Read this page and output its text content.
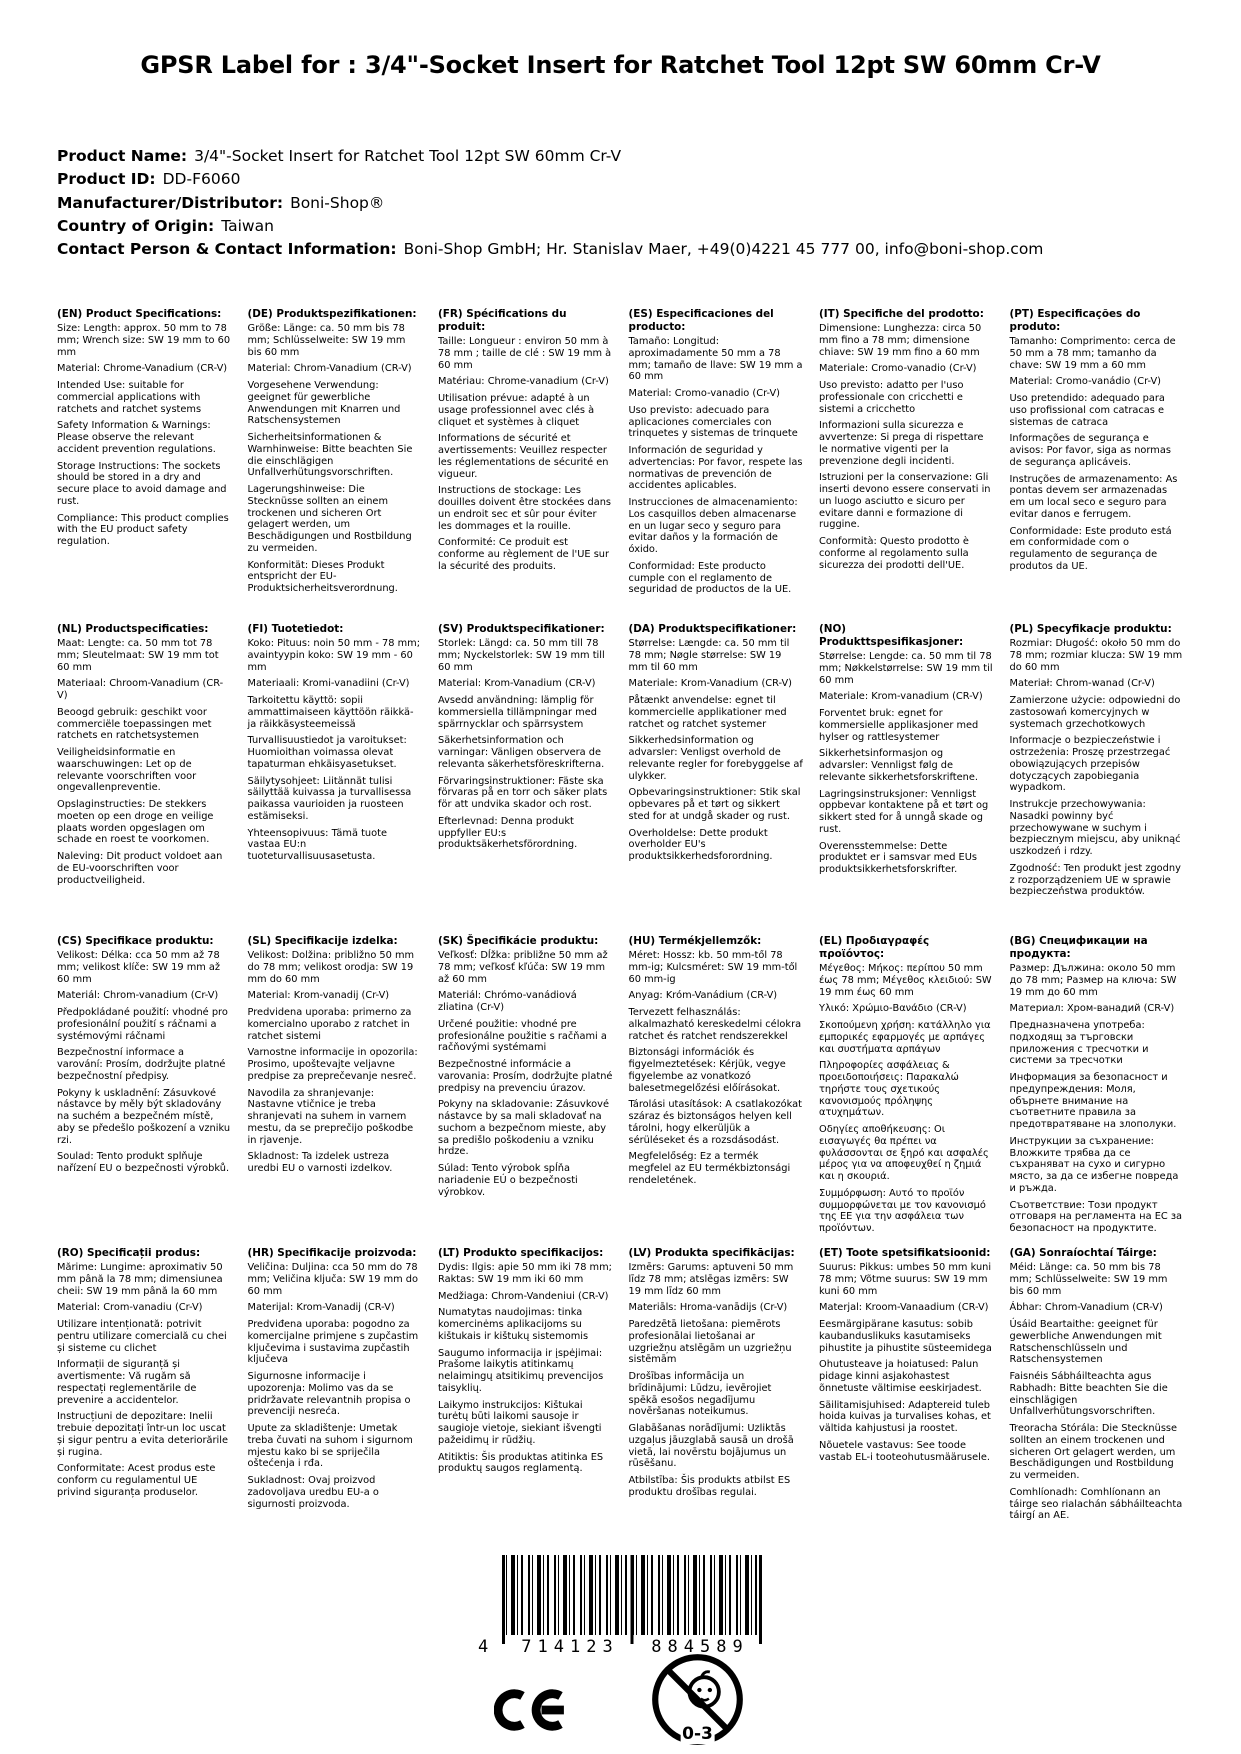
GPSR Label for : 3/4"-Socket Insert for Ratchet Tool 12pt SW 60mm Cr-V
Product Name: 3/4"-Socket Insert for Ratchet Tool 12pt SW 60mm Cr-V
Product ID: DD-F6060
Manufacturer/Distributor: Boni-Shop®
Country of Origin: Taiwan
Contact Person & Contact Information: Boni-Shop GmbH; Hr. Stanislav Maer, +49(0)4221 45 777 00, info@boni-shop.com
(EN) Product Specifications:

Size: Length: approx. 50 mm to 78 mm; Wrench size: SW 19 mm to 60 mm

Material: Chrome-Vanadium (CR-V)

Intended Use: suitable for commercial applications with ratchets and ratchet systems

Safety Information & Warnings: Please observe the relevant accident prevention regulations.

Storage Instructions: The sockets should be stored in a dry and secure place to avoid damage and rust.

Compliance: This product complies with the EU product safety regulation.

(DE) Produktspezifikationen:

Größe: Länge: ca. 50 mm bis 78 mm; Schlüsselweite: SW 19 mm bis 60 mm

Material: Chrom-Vanadium (CR-V)

Vorgesehene Verwendung: geeignet für gewerbliche Anwendungen mit Knarren und Ratschensystemen

Sicherheitsinformationen & Warnhinweise: Bitte beachten Sie die einschlägigen Unfallverhütungsvorschriften.

Lagerungshinweise: Die Stecknüsse sollten an einem trockenen und sicheren Ort gelagert werden, um Beschädigungen und Rostbildung zu vermeiden.

Konformität: Dieses Produkt entspricht der EU-Produktsicherheitsverordnung.

(FR) Spécifications du produit:

Taille: Longueur : environ 50 mm à 78 mm ; taille de clé : SW 19 mm à 60 mm

Matériau: Chrome-vanadium (Cr-V)

Utilisation prévue: adapté à un usage professionnel avec clés à cliquet et systèmes à cliquet

Informations de sécurité et avertissements: Veuillez respecter les réglementations de sécurité en vigueur.

Instructions de stockage: Les douilles doivent être stockées dans un endroit sec et sûr pour éviter les dommages et la rouille.

Conformité: Ce produit est conforme au règlement de l'UE sur la sécurité des produits.

(ES) Especificaciones del producto:

Tamaño: Longitud: aproximadamente 50 mm a 78 mm; tamaño de llave: SW 19 mm a 60 mm

Material: Cromo-vanadio (Cr-V)

Uso previsto: adecuado para aplicaciones comerciales con trinquetes y sistemas de trinquete

Información de seguridad y advertencias: Por favor, respete las normativas de prevención de accidentes aplicables.

Instrucciones de almacenamiento: Los casquillos deben almacenarse en un lugar seco y seguro para evitar daños y la formación de óxido.

Conformidad: Este producto cumple con el reglamento de seguridad de productos de la UE.

(IT) Specifiche del prodotto:

Dimensione: Lunghezza: circa 50 mm fino a 78 mm; dimensione chiave: SW 19 mm fino a 60 mm

Materiale: Cromo-vanadio (Cr-V)

Uso previsto: adatto per l'uso professionale con cricchetti e sistemi a cricchetto

Informazioni sulla sicurezza e avvertenze: Si prega di rispettare le normative vigenti per la prevenzione degli incidenti.

Istruzioni per la conservazione: Gli inserti devono essere conservati in un luogo asciutto e sicuro per evitare danni e formazione di ruggine.

Conformità: Questo prodotto è conforme al regolamento sulla sicurezza dei prodotti dell'UE.

(PT) Especificações do produto:

Tamanho: Comprimento: cerca de 50 mm a 78 mm; tamanho da chave: SW 19 mm a 60 mm

Material: Cromo-vanádio (Cr-V)

Uso pretendido: adequado para uso profissional com catracas e sistemas de catraca

Informações de segurança e avisos: Por favor, siga as normas de segurança aplicáveis.

Instruções de armazenamento: As pontas devem ser armazenadas em um local seco e seguro para evitar danos e ferrugem.

Conformidade: Este produto está em conformidade com o regulamento de segurança de produtos da UE.

(NL) Productspecificaties:

Maat: Lengte: ca. 50 mm tot 78 mm; Sleutelmaat: SW 19 mm tot 60 mm

Materiaal: Chroom-Vanadium (CR-V)

Beoogd gebruik: geschikt voor commerciële toepassingen met ratchets en ratchetsystemen

Veiligheidsinformatie en waarschuwingen: Let op de relevante voorschriften voor ongevallenpreventie.

Opslaginstructies: De stekkers moeten op een droge en veilige plaats worden opgeslagen om schade en roest te voorkomen.

Naleving: Dit product voldoet aan de EU-voorschriften voor productveiligheid.

(FI) Tuotetiedot:

Koko: Pituus: noin 50 mm - 78 mm; avaintyypin koko: SW 19 mm - 60 mm

Materiaali: Kromi-vanadiini (Cr-V)

Tarkoitettu käyttö: sopii ammattimaiseen käyttöön räikkä- ja räikkäsysteemeissä

Turvallisuustiedot ja varoitukset: Huomioithan voimassa olevat tapaturman ehkäisyasetukset.

Säilytysohjeet: Liitännät tulisi säilyttää kuivassa ja turvallisessa paikassa vaurioiden ja ruosteen estämiseksi.

Yhteensopivuus: Tämä tuote vastaa EU:n tuoteturvallisuusasetusta.

(SV) Produktspecifikationer:

Storlek: Längd: ca. 50 mm till 78 mm; Nyckelstorlek: SW 19 mm till 60 mm

Material: Krom-Vanadium (CR-V)

Avsedd användning: lämplig för kommersiella tillämpningar med spärrnycklar och spärrsystem

Säkerhetsinformation och varningar: Vänligen observera de relevanta säkerhetsföreskrifterna.

Förvaringsinstruktioner: Fäste ska förvaras på en torr och säker plats för att undvika skador och rost.

Efterlevnad: Denna produkt uppfyller EU:s produktsäkerhetsförordning.

(DA) Produktspecifikationer:

Størrelse: Længde: ca. 50 mm til 78 mm; Nøgle størrelse: SW 19 mm til 60 mm

Materiale: Krom-Vanadium (CR-V)

Påtænkt anvendelse: egnet til kommercielle applikationer med ratchet og ratchet systemer

Sikkerhedsinformation og advarsler: Venligst overhold de relevante regler for forebyggelse af ulykker.

Opbevaringsinstruktioner: Stik skal opbevares på et tørt og sikkert sted for at undgå skader og rust.

Overholdelse: Dette produkt overholder EU's produktsikkerhedsforordning.

(NO) Produkttspesifikasjoner:

Størrelse: Lengde: ca. 50 mm til 78 mm; Nøkkelstørrelse: SW 19 mm til 60 mm

Materiale: Krom-vanadium (CR-V)

Forventet bruk: egnet for kommersielle applikasjoner med hylser og rattlesystemer

Sikkerhetsinformasjon og advarsler: Vennligst følg de relevante sikkerhetsforskriftene.

Lagringsinstruksjoner: Vennligst oppbevar kontaktene på et tørt og sikkert sted for å unngå skade og rust.

Overensstemmelse: Dette produktet er i samsvar med EUs produktsikkerhetsforskrifter.

(PL) Specyfikacje produktu:

Rozmiar: Długość: około 50 mm do 78 mm; rozmiar klucza: SW 19 mm do 60 mm

Materiał: Chrom-wanad (Cr-V)

Zamierzone użycie: odpowiedni do zastosowań komercyjnych w systemach grzechotkowych

Informacje o bezpieczeństwie i ostrzeżenia: Proszę przestrzegać obowiązujących przepisów dotyczących zapobiegania wypadkom.

Instrukcje przechowywania: Nasadki powinny być przechowywane w suchym i bezpiecznym miejscu, aby uniknąć uszkodzeń i rdzy.

Zgodność: Ten produkt jest zgodny z rozporządzeniem UE w sprawie bezpieczeństwa produktów.

(CS) Specifikace produktu:

Velikost: Délka: cca 50 mm až 78 mm; velikost klíče: SW 19 mm až 60 mm

Materiál: Chrom-vanadium (Cr-V)

Předpokládané použití: vhodné pro profesionální použití s ráčnami a systémovými ráčnami

Bezpečnostní informace a varování: Prosím, dodržujte platné bezpečnostní předpisy.

Pokyny k uskladnění: Zásuvkové nástavce by měly být skladovány na suchém a bezpečném místě, aby se předešlo poškození a vzniku rzi.

Soulad: Tento produkt splňuje nařízení EU o bezpečnosti výrobků.

(SL) Specifikacije izdelka:

Velikost: Dolžina: približno 50 mm do 78 mm; velikost orodja: SW 19 mm do 60 mm

Material: Krom-vanadij (Cr-V)

Predvidena uporaba: primerno za komercialno uporabo z ratchet in ratchet sistemi

Varnostne informacije in opozorila: Prosimo, upoštevajte veljavne predpise za preprečevanje nesreč.

Navodila za shranjevanje: Nastavne vtičnice je treba shranjevati na suhem in varnem mestu, da se preprečijo poškodbe in rjavenje.

Skladnost: Ta izdelek ustreza uredbi EU o varnosti izdelkov.

(SK) Špecifikácie produktu:

Veľkosť: Dĺžka: približne 50 mm až 78 mm; veľkosť kľúča: SW 19 mm až 60 mm

Materiál: Chrómo-vanádiová zliatina (Cr-V)

Určené použitie: vhodné pre profesionálne použitie s račňami a račňovými systémami

Bezpečnostné informácie a varovania: Prosím, dodržujte platné predpisy na prevenciu úrazov.

Pokyny na skladovanie: Zásuvkové nástavce by sa mali skladovať na suchom a bezpečnom mieste, aby sa predišlo poškodeniu a vzniku hrdze.

Súlad: Tento výrobok spĺňa nariadenie EÚ o bezpečnosti výrobkov.

(HU) Termékjellemzők:

Méret: Hossz: kb. 50 mm-től 78 mm-ig; Kulcsméret: SW 19 mm-től 60 mm-ig

Anyag: Króm-Vanádium (CR-V)

Tervezett felhasználás: alkalmazható kereskedelmi célokra ratchet és ratchet rendszerekkel

Biztonsági információk és figyelmeztetések: Kérjük, vegye figyelembe az vonatkozó balesetmegelőzési előírásokat.

Tárolási utasítások: A csatlakozókat száraz és biztonságos helyen kell tárolni, hogy elkerüljük a sérüléseket és a rozsdásodást.

Megfelelőség: Ez a termék megfelel az EU termékbiztonsági rendeletének.

(EL) Προδιαγραφές προϊόντος:

Μέγεθος: Μήκος: περίπου 50 mm έως 78 mm; Μέγεθος κλειδιού: SW 19 mm έως 60 mm

Υλικό: Χρώμιο-Βανάδιο (CR-V)

Σκοπούμενη χρήση: κατάλληλο για εμπορικές εφαρμογές με αρπάγες και συστήματα αρπάγων

Πληροφορίες ασφάλειας & προειδοποιήσεις: Παρακαλώ τηρήστε τους σχετικούς κανονισμούς πρόληψης ατυχημάτων.

Οδηγίες αποθήκευσης: Οι εισαγωγές θα πρέπει να φυλάσσονται σε ξηρό και ασφαλές μέρος για να αποφευχθεί η ζημιά και η σκουριά.

Συμμόρφωση: Αυτό το προϊόν συμμορφώνεται με τον κανονισμό της ΕΕ για την ασφάλεια των προϊόντων.

(BG) Спецификации на продукта:

Размер: Дължина: около 50 mm до 78 mm; Размер на ключа: SW 19 mm до 60 mm

Материал: Хром-ванадий (CR-V)

Предназначена употреба: подходящ за търговски приложения с тресчотки и системи за тресчотки

Информация за безопасност и предупреждения: Моля, обърнете внимание на съответните правила за предотвратяване на злополуки.

Инструкции за съхранение: Вложките трябва да се съхраняват на сухо и сигурно място, за да се избегне повреда и ръжда.

Съответствие: Този продукт отговаря на регламента на ЕС за безопасност на продуктите.

(RO) Specificații produs:

Mărime: Lungime: aproximativ 50 mm până la 78 mm; dimensiunea cheii: SW 19 mm până la 60 mm

Material: Crom-vanadiu (Cr-V)

Utilizare intenționată: potrivit pentru utilizare comercială cu chei și sisteme cu clichet

Informații de siguranță și avertismente: Vă rugăm să respectați reglementările de prevenire a accidentelor.

Instrucțiuni de depozitare: Inelii trebuie depozitați într-un loc uscat și sigur pentru a evita deteriorările și rugina.

Conformitate: Acest produs este conform cu regulamentul UE privind siguranța produselor.

(HR) Specifikacije proizvoda:

Veličina: Duljina: cca 50 mm do 78 mm; Veličina ključa: SW 19 mm do 60 mm

Materijal: Krom-Vanadij (CR-V)

Predviđena uporaba: pogodno za komercijalne primjene s zupčastim ključevima i sustavima zupčastih ključeva

Sigurnosne informacije i upozorenja: Molimo vas da se pridržavate relevantnih propisa o prevenciji nesreća.

Upute za skladištenje: Umetak treba čuvati na suhom i sigurnom mjestu kako bi se spriječila oštećenja i rđa.

Sukladnost: Ovaj proizvod zadovoljava uredbu EU-a o sigurnosti proizvoda.

(LT) Produkto specifikacijos:

Dydis: Ilgis: apie 50 mm iki 78 mm; Raktas: SW 19 mm iki 60 mm

Medžiaga: Chrom-Vandeniui (CR-V)

Numatytas naudojimas: tinka komercinėms aplikacijoms su kištukais ir kištukų sistemomis

Saugumo informacija ir įspėjimai: Prašome laikytis atitinkamų nelaimingų atsitikimų prevencijos taisyklių.

Laikymo instrukcijos: Kištukai turėtų būti laikomi sausoje ir saugioje vietoje, siekiant išvengti pažeidimų ir rūdžių.

Atitiktis: Šis produktas atitinka ES produktų saugos reglamentą.

(LV) Produkta specifikācijas:

Izmērs: Garums: aptuveni 50 mm līdz 78 mm; atslēgas izmērs: SW 19 mm līdz 60 mm

Materiāls: Hroma-vanādijs (Cr-V)

Paredzētā lietošana: piemērots profesionālai lietošanai ar uzgriežņu atslēgām un uzgriežņu sistēmām

Drošības informācija un brīdinājumi: Lūdzu, ievērojiet spēkā esošos negadījumu novēršanas noteikumus.

Glabāšanas norādījumi: Uzliktās uzgaļus jāuzglabā sausā un drošā vietā, lai novērstu bojājumus un rūsēšanu.

Atbilstība: Šis produkts atbilst ES produktu drošības regulai.

(ET) Toote spetsifikatsioonid:

Suurus: Pikkus: umbes 50 mm kuni 78 mm; Võtme suurus: SW 19 mm kuni 60 mm

Materjal: Kroom-Vanaadium (CR-V)

Eesmärgipärane kasutus: sobib kaubanduslikuks kasutamiseks pihustite ja pihustite süsteemidega

Ohutusteave ja hoiatused: Palun pidage kinni asjakohastest õnnetuste vältimise eeskirjadest.

Säilitamisjuhised: Adaptereid tuleb hoida kuivas ja turvalises kohas, et vältida kahjustusi ja roostet.

Nõuetele vastavus: See toode vastab EL-i tooteohutusmäärusele.

(GA) Sonraíochtaí Táirge:

Méid: Länge: ca. 50 mm bis 78 mm; Schlüsselweite: SW 19 mm bis 60 mm

Ábhar: Chrom-Vanadium (CR-V)

Úsáid Beartaithe: geeignet für gewerbliche Anwendungen mit Ratschenschlüsseln und Ratschensystemen

Faisnéis Sábháilteachta agus Rabhadh: Bitte beachten Sie die einschlägigen Unfallverhütungsvorschriften.

Treoracha Stórála: Die Stecknüsse sollten an einem trockenen und sicheren Ort gelagert werden, um Beschädigungen und Rostbildung zu vermeiden.

Comhlíonadh: Comhlíonann an táirge seo rialachán sábháilteachta táirgí an AE.

4	714123	884589
0-3
